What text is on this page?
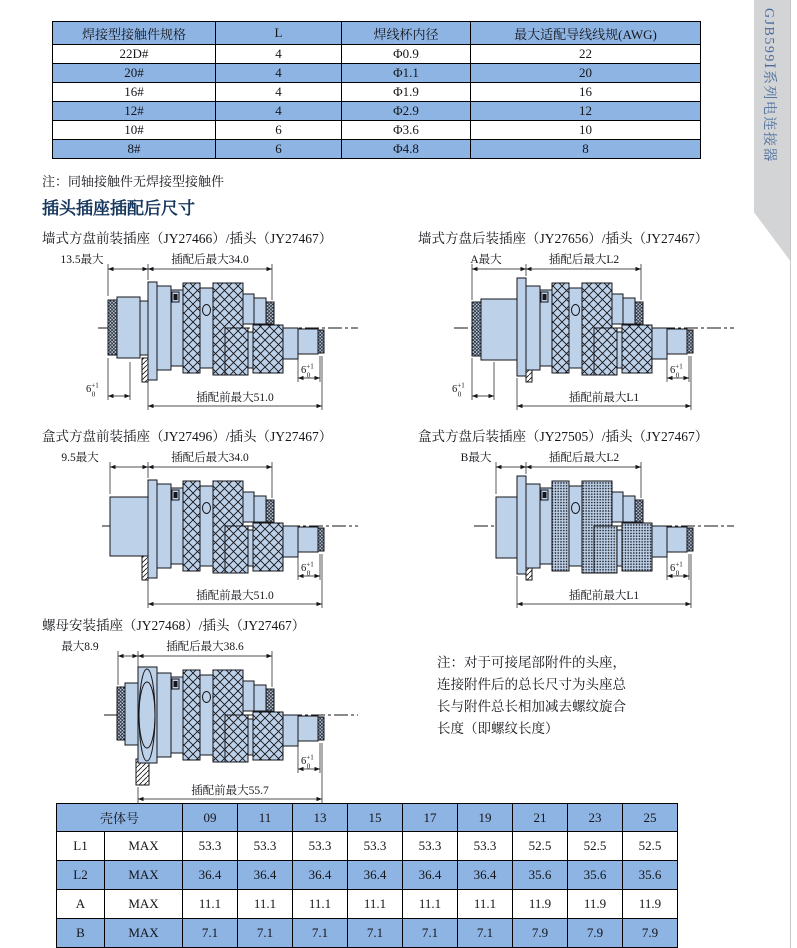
GJB599Ⅰ系列电连接器
焊接型接触件规格	L	焊线杯内径	最大适配导线线规(AWG)
22D#	4	Φ0.9	22
20#	4	Φ1.1	20
16#	4	Φ1.9	16
12#	4	Φ2.9	12
10#	6	Φ3.6	10
8#	6	Φ4.8	8
注：同轴接触件无焊接型接触件
插头插座插配后尺寸
墙式方盘前装插座（JY27466）/插头（JY27467）	墙式方盘后装插座（JY27656）/插头（JY27467）
盒式方盘前装插座（JY27496）/插头（JY27467）	盒式方盘后装插座（JY27505）/插头（JY27467）
螺母安装插座（JY27468）/插头（JY27467）
13.5最大	插配后最大34.0
插配前最大51.0
$6^{+1}$ 0
$6^{+1}$ 0
A最大	插配后最大L2
插配前最大L1
$6^{+1}$ 0
$6^{+1}$ 0
9.5最大	插配后最大34.0
插配前最大51.0
$6^{+1}$ 0
B最大	插配后最大L2
插配前最大L1
$6^{+1}$ 0
最大8.9	插配后最大38.6
插配前最大55.7
$6^{+1}$ 0
注：对于可接尾部附件的头座，
连接附件后的总长尺寸为头座总
长与附件总长相加减去螺纹旋合
长度（即螺纹长度）
壳体号		09	11	13	15	17	19	21	23	25
L1	MAX	53.3	53.3	53.3	53.3	53.3	53.3	52.5	52.5	52.5
L2	MAX	36.4	36.4	36.4	36.4	36.4	36.4	35.6	35.6	35.6
A	MAX	11.1	11.1	11.1	11.1	11.1	11.1	11.9	11.9	11.9
B	MAX	7.1	7.1	7.1	7.1	7.1	7.1	7.9	7.9	7.9
